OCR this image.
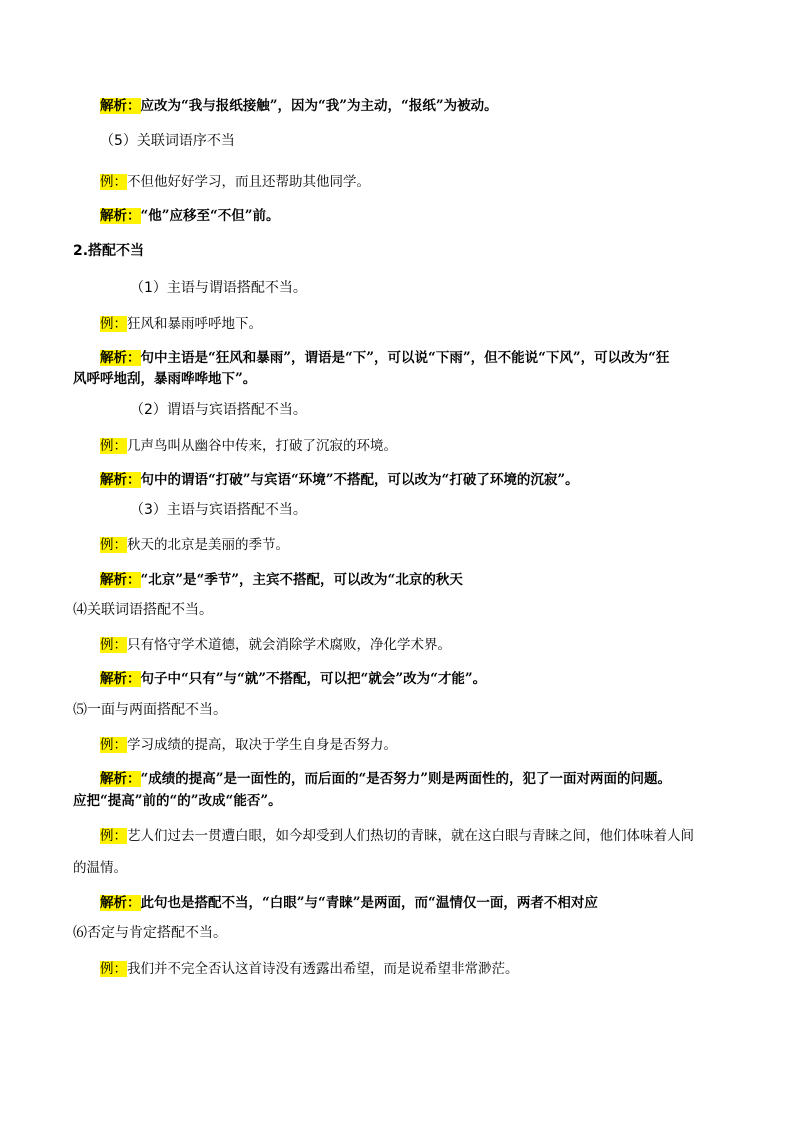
解析：应改为“我与报纸接触”，因为“我”为主动，“报纸”为被动。
（5）关联词语序不当
例：不但他好好学习，而且还帮助其他同学。
解析：“他”应移至“不但”前。
2.搭配不当
（1）主语与谓语搭配不当。
例：狂风和暴雨呼呼地下。
解析：句中主语是“狂风和暴雨”，谓语是“下”，可以说“下雨”，但不能说“下风”，可以改为“狂
风呼呼地刮，暴雨哗哗地下”。
（2）谓语与宾语搭配不当。
例：几声鸟叫从幽谷中传来，打破了沉寂的环境。
解析：句中的谓语“打破”与宾语“环境”不搭配，可以改为“打破了环境的沉寂”。
（3）主语与宾语搭配不当。
例：秋天的北京是美丽的季节。
解析：“北京”是“季节”，主宾不搭配，可以改为“北京的秋天
⑷关联词语搭配不当。
例：只有恪守学术道德，就会消除学术腐败，净化学术界。
解析：句子中“只有”与“就”不搭配，可以把“就会”改为“才能”。
⑸一面与两面搭配不当。
例：学习成绩的提高，取决于学生自身是否努力。
解析：“成绩的提高”是一面性的，而后面的“是否努力”则是两面性的，犯了一面对两面的问题。
应把“提高”前的“的”改成“能否”。
例：艺人们过去一贯遭白眼，如今却受到人们热切的青睐，就在这白眼与青睐之间，他们体味着人间
的温情。
解析：此句也是搭配不当，“白眼”与“青睐”是两面，而“温情仅一面，两者不相对应
⑹否定与肯定搭配不当。
例：我们并不完全否认这首诗没有透露出希望，而是说希望非常渺茫。
